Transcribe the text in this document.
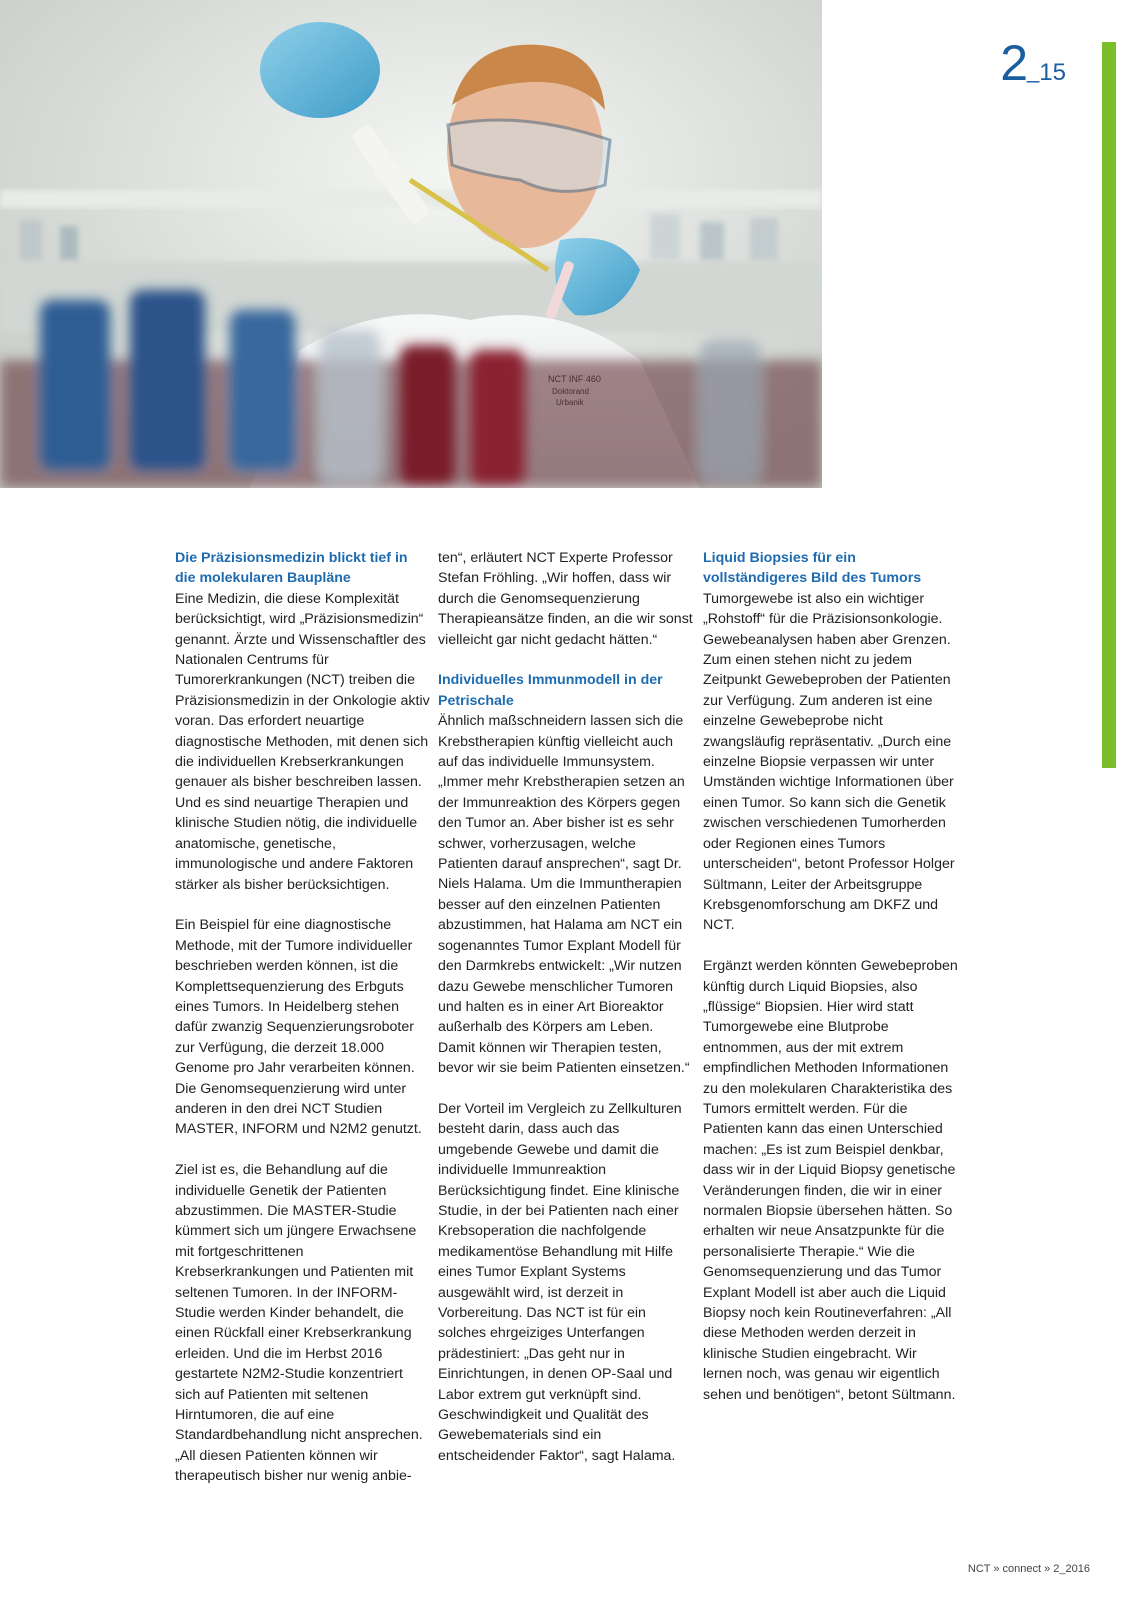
2_15
Die Präzisionsmedizin blickt tief in die molekularen Baupläne

Eine Medizin, die diese Komplexität berücksichtigt, wird „Präzisionsmedizin“ genannt. Ärzte und Wissenschaftler des Nationalen Centrums für Tumorerkrankungen (NCT) treiben die Präzisionsmedizin in der Onkologie aktiv voran. Das erfordert neuartige diagnostische Methoden, mit denen sich die individuellen Krebserkrankungen genauer als bisher beschreiben lassen. Und es sind neuartige Therapien und klinische Studien nötig, die individuelle anatomische, genetische, immunologische und andere Faktoren stärker als bisher berücksichtigen.

Ein Beispiel für eine diagnostische Methode, mit der Tumore individueller beschrieben werden können, ist die Komplettsequenzierung des Erbguts eines Tumors. In Heidelberg stehen dafür zwanzig Sequenzierungsroboter zur Verfügung, die derzeit 18.000 Genome pro Jahr verarbeiten können. Die Genomsequenzierung wird unter anderen in den drei NCT Studien MASTER, INFORM und N2M2 genutzt.

Ziel ist es, die Behandlung auf die individuelle Genetik der Patienten abzustimmen. Die MASTER-Studie kümmert sich um jüngere Erwachsene mit fortgeschrittenen Krebserkrankungen und Patienten mit seltenen Tumoren. In der INFORM-Studie werden Kinder behandelt, die einen Rückfall einer Krebserkrankung erleiden. Und die im Herbst 2016 gestartete N2M2-Studie konzentriert sich auf Patienten mit seltenen Hirntumoren, die auf eine Standardbehandlung nicht ansprechen. „All diesen Patienten können wir therapeutisch bisher nur wenig anbie-

ten“, erläutert NCT Experte Professor Stefan Fröhling. „Wir hoffen, dass wir durch die Genomsequenzierung Therapieansätze finden, an die wir sonst vielleicht gar nicht gedacht hätten.“

Individuelles Immunmodell in der Petrischale

Ähnlich maßschneidern lassen sich die Krebstherapien künftig vielleicht auch auf das individuelle Immunsystem. „Immer mehr Krebstherapien setzen an der Immunreaktion des Körpers gegen den Tumor an. Aber bisher ist es sehr schwer, vorherzusagen, welche Patienten darauf ansprechen“, sagt Dr. Niels Halama. Um die Immuntherapien besser auf den einzelnen Patienten abzustimmen, hat Halama am NCT ein sogenanntes Tumor Explant Modell für den Darmkrebs entwickelt: „Wir nutzen dazu Gewebe menschlicher Tumoren und halten es in einer Art Bioreaktor außerhalb des Körpers am Leben. Damit können wir Therapien testen, bevor wir sie beim Patienten einsetzen.“

Der Vorteil im Vergleich zu Zellkulturen besteht darin, dass auch das umgebende Gewebe und damit die individuelle Immunreaktion Berücksichtigung findet. Eine klinische Studie, in der bei Patienten nach einer Krebsoperation die nachfolgende medikamentöse Behandlung mit Hilfe eines Tumor Explant Systems ausgewählt wird, ist derzeit in Vorbereitung. Das NCT ist für ein solches ehrgeiziges Unterfangen prädestiniert: „Das geht nur in Einrichtungen, in denen OP-Saal und Labor extrem gut verknüpft sind. Geschwindigkeit und Qualität des Gewebematerials sind ein entscheidender Faktor“, sagt Halama.

Liquid Biopsies für ein vollständigeres Bild des Tumors

Tumorgewebe ist also ein wichtiger „Rohstoff“ für die Präzisionsonkologie. Gewebeanalysen haben aber Grenzen. Zum einen stehen nicht zu jedem Zeitpunkt Gewebeproben der Patienten zur Verfügung. Zum anderen ist eine einzelne Gewebeprobe nicht zwangsläufig repräsentativ. „Durch eine einzelne Biopsie verpassen wir unter Umständen wichtige Informationen über einen Tumor. So kann sich die Genetik zwischen verschiedenen Tumorherden oder Regionen eines Tumors unterscheiden“, betont Professor Holger Sültmann, Leiter der Arbeitsgruppe Krebsgenomforschung am DKFZ und NCT.

Ergänzt werden könnten Gewebeproben künftig durch Liquid Biopsies, also „flüssige“ Biopsien. Hier wird statt Tumorgewebe eine Blutprobe entnommen, aus der mit extrem empfindlichen Methoden Informationen zu den molekularen Charakteristika des Tumors ermittelt werden. Für die Patienten kann das einen Unterschied machen: „Es ist zum Beispiel denkbar, dass wir in der Liquid Biopsy genetische Veränderungen finden, die wir in einer normalen Biopsie übersehen hätten. So erhalten wir neue Ansatzpunkte für die personalisierte Therapie.“ Wie die Genomsequenzierung und das Tumor Explant Modell ist aber auch die Liquid Biopsy noch kein Routineverfahren: „All diese Methoden werden derzeit in klinische Studien eingebracht. Wir lernen noch, was genau wir eigentlich sehen und benötigen“, betont Sültmann.

NCT » connect » 2_2016
